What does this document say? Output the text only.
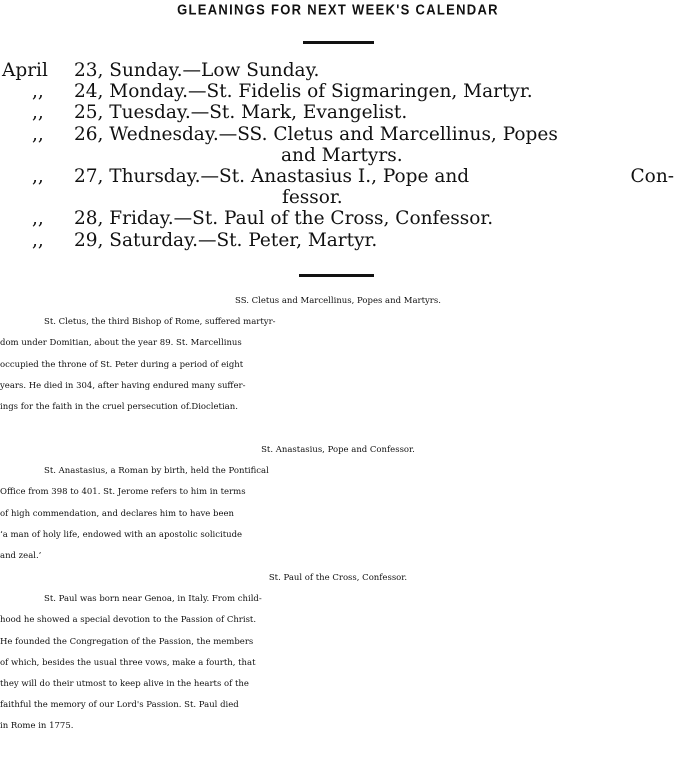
GLEANINGS FOR NEXT WEEK'S CALENDAR
April 23, Sunday.—Low Sunday.
,, 24, Monday.—St. Fidelis of Sigmaringen, Martyr.
,, 25, Tuesday.—St. Mark, Evangelist.
,, 26, Wednesday.—SS. Cletus and Marcellinus, Popes
and Martyrs.
,, 27, Thursday.—St. Anastasius I., Pope and	Con-
fessor.
,, 28, Friday.—St. Paul of the Cross, Confessor.
,, 29, Saturday.—St. Peter, Martyr.
SS. Cletus and Marcellinus, Popes and Martyrs.
St. Cletus, the third Bishop of Rome, suffered martyr-
dom under Domitian, about the year 89. St. Marcellinus
occupied the throne of St. Peter during a period of eight
years. He died in 304, after having endured many suffer-
ings for the faith in the cruel persecution of.Diocletian.
St. Anastasius, Pope and Confessor.
St. Anastasius, a Roman by birth, held the Pontifical
Office from 398 to 401. St. Jerome refers to him in terms
of high commendation, and declares him to have been
‘a man of holy life, endowed with an apostolic solicitude
and zeal.’
St. Paul of the Cross, Confessor.
St. Paul was born near Genoa, in Italy. From child-
hood he showed a special devotion to the Passion of Christ.
He founded the Congregation of the Passion, the members
of which, besides the usual three vows, make a fourth, that
they will do their utmost to keep alive in the hearts of the
faithful the memory of our Lord's Passion. St. Paul died
in Rome in 1775.
